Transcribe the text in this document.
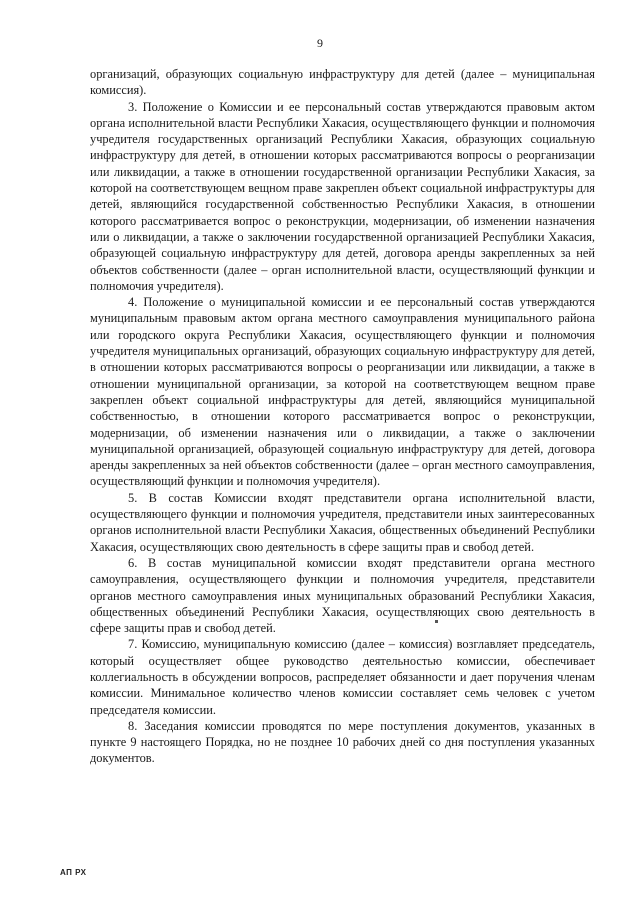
9

организаций, образующих социальную инфраструктуру для детей (далее – муниципальная комиссия).

3. Положение о Комиссии и ее персональный состав утверждаются правовым актом органа исполнительной власти Республики Хакасия, осуществляющего функции и полномочия учредителя государственных организаций Республики Хакасия, образующих социальную инфраструктуру для детей, в отношении которых рассматриваются вопросы о реорганизации или ликвидации, а также в отношении государственной организации Республики Хакасия, за которой на соответствующем вещном праве закреплен объект социальной инфраструктуры для детей, являющийся государственной собственностью Республики Хакасия, в отношении которого рассматривается вопрос о реконструкции, модернизации, об изменении назначения или о ликвидации, а также о заключении государственной организацией Республики Хакасия, образующей социальную инфраструктуру для детей, договора аренды закрепленных за ней объектов собственности (далее – орган исполнительной власти, осуществляющий функции и полномочия учредителя).

4. Положение о муниципальной комиссии и ее персональный состав утверждаются муниципальным правовым актом органа местного самоуправления муниципального района или городского округа Республики Хакасия, осуществляющего функции и полномочия учредителя муниципальных организаций, образующих социальную инфраструктуру для детей, в отношении которых рассматриваются вопросы о реорганизации или ликвидации, а также в отношении муниципальной организации, за которой на соответствующем вещном праве закреплен объект социальной инфраструктуры для детей, являющийся муниципальной собственностью, в отношении которого рассматривается вопрос о реконструкции, модернизации, об изменении назначения или о ликвидации, а также о заключении муниципальной организацией, образующей социальную инфраструктуру для детей, договора аренды закрепленных за ней объектов собственности (далее – орган местного самоуправления, осуществляющий функции и полномочия учредителя).

5. В состав Комиссии входят представители органа исполнительной власти, осуществляющего функции и полномочия учредителя, представители иных заинтересованных органов исполнительной власти Республики Хакасия, общественных объединений Республики Хакасия, осуществляющих свою деятельность в сфере защиты прав и свобод детей.

6. В состав муниципальной комиссии входят представители органа местного самоуправления, осуществляющего функции и полномочия учредителя, представители органов местного самоуправления иных муниципальных образований Республики Хакасия, общественных объединений Республики Хакасия, осуществляющих свою деятельность в сфере защиты прав и свобод детей.

7. Комиссию, муниципальную комиссию (далее – комиссия) возглавляет председатель, который осуществляет общее руководство деятельностью комиссии, обеспечивает коллегиальность в обсуждении вопросов, распределяет обязанности и дает поручения членам комиссии. Минимальное количество членов комиссии составляет семь человек с учетом председателя комиссии.

8. Заседания комиссии проводятся по мере поступления документов, указанных в пункте 9 настоящего Порядка, но не позднее 10 рабочих дней со дня поступления указанных документов.

АП РХ
